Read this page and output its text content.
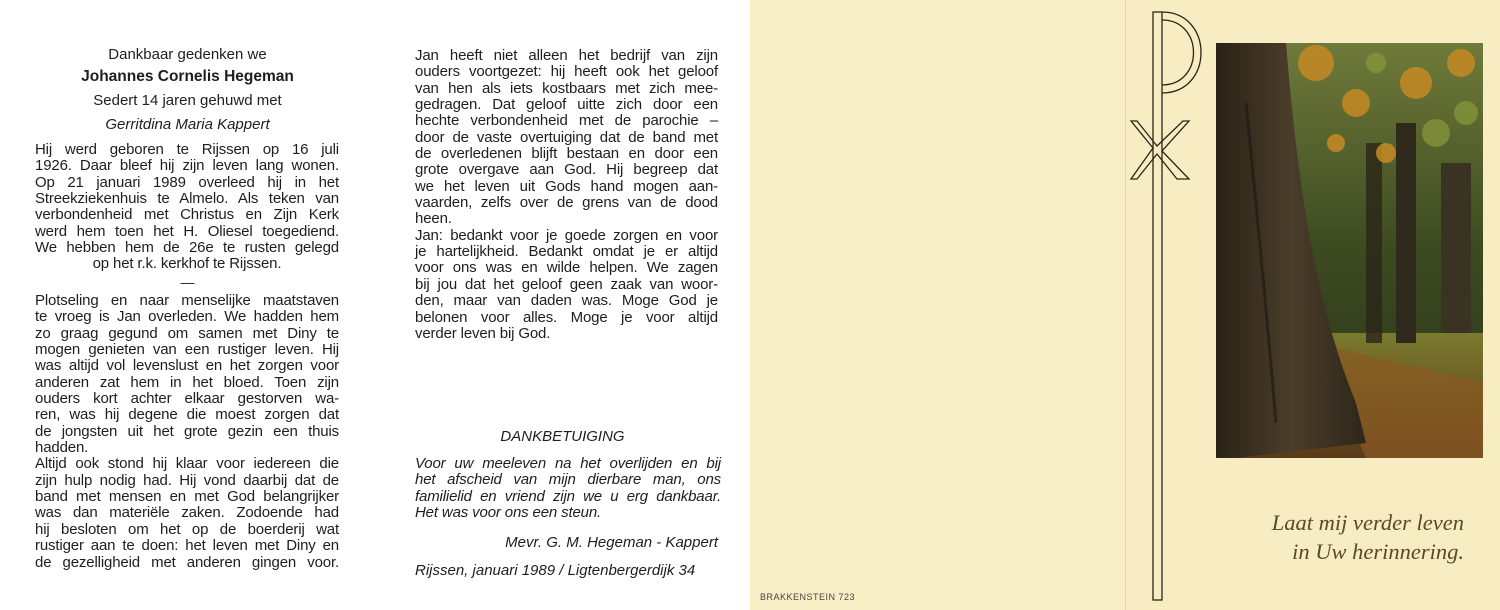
Dankbaar gedenken we
Johannes Cornelis Hegeman
Sedert 14 jaren gehuwd met
Gerritdina Maria Kappert
Hij werd geboren te Rijssen op 16 juli
1926. Daar bleef hij zijn leven lang wonen.
Op 21 januari 1989 overleed hij in het
Streekziekenhuis te Almelo. Als teken van
verbondenheid met Christus en Zijn Kerk
werd hem toen het H. Oliesel toegediend.
We hebben hem de 26e te rusten gelegd
op het r.k. kerkhof te Rijssen.
—
Plotseling en naar menselijke maatstaven
te vroeg is Jan overleden. We hadden hem
zo graag gegund om samen met Diny te
mogen genieten van een rustiger leven. Hij
was altijd vol levenslust en het zorgen voor
anderen zat hem in het bloed. Toen zijn
ouders kort achter elkaar gestorven wa-
ren, was hij degene die moest zorgen dat
de jongsten uit het grote gezin een thuis
hadden.
Altijd ook stond hij klaar voor iedereen die
zijn hulp nodig had. Hij vond daarbij dat de
band met mensen en met God belangrijker
was dan materiële zaken. Zodoende had
hij besloten om het op de boerderij wat
rustiger aan te doen: het leven met Diny en
de gezelligheid met anderen gingen voor.
Jan heeft niet alleen het bedrijf van zijn
ouders voortgezet: hij heeft ook het geloof
van hen als iets kostbaars met zich mee-
gedragen. Dat geloof uitte zich door een
hechte verbondenheid met de parochie –
door de vaste overtuiging dat de band met
de overledenen blijft bestaan en door een
grote overgave aan God. Hij begreep dat
we het leven uit Gods hand mogen aan-
vaarden, zelfs over de grens van de dood
heen.
Jan: bedankt voor je goede zorgen en voor
je hartelijkheid. Bedankt omdat je er altijd
voor ons was en wilde helpen. We zagen
bij jou dat het geloof geen zaak van woor-
den, maar van daden was. Moge God je
belonen voor alles. Moge je voor altijd
verder leven bij God.
DANKBETUIGING
Voor uw meeleven na het overlijden en bij
het afscheid van mijn dierbare man, ons
familielid en vriend zijn we u erg dankbaar.
Het was voor ons een steun.
Mevr. G. M. Hegeman - Kappert
Rijssen, januari 1989 / Ligtenbergerdijk 34
BRAKKENSTEIN 723
Laat mij verder leven
in Uw herinnering.
